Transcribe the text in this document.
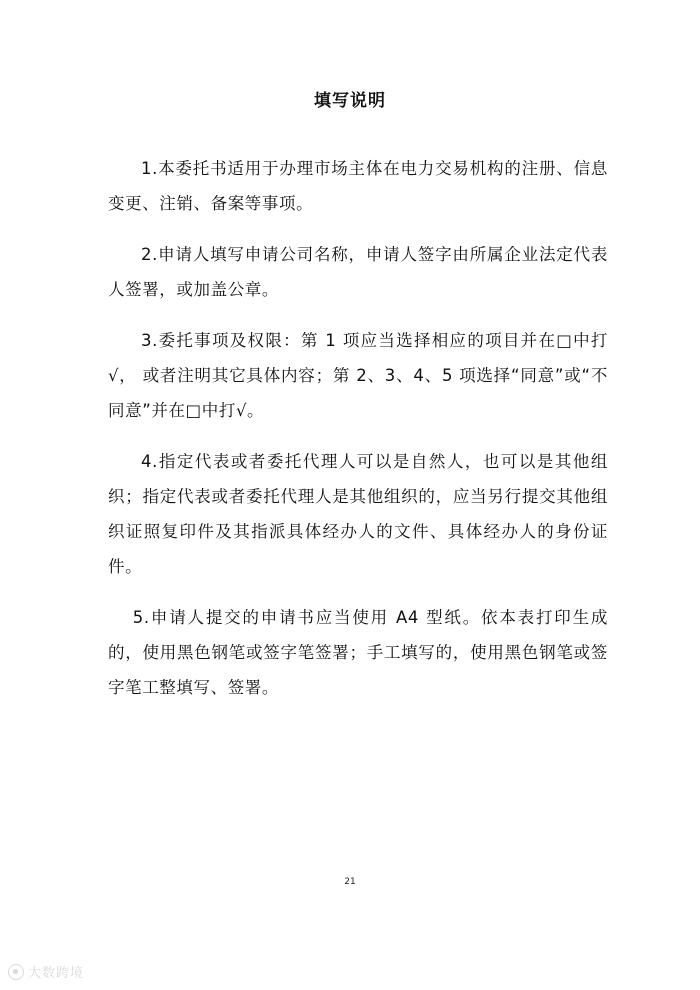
填写说明

1.本委托书适用于办理市场主体在电力交易机构的注册、信息变更、注销、备案等事项。

2.申请人填写申请公司名称，申请人签字由所属企业法定代表人签署，或加盖公章。

3.委托事项及权限：第 1 项应当选择相应的项目并在□中打√， 或者注明其它具体内容；第 2、3、4、5 项选择“同意”或“不同意”并在□中打√。

4.指定代表或者委托代理人可以是自然人，也可以是其他组织；指定代表或者委托代理人是其他组织的，应当另行提交其他组织证照复印件及其指派具体经办人的文件、具体经办人的身份证件。

5.申请人提交的申请书应当使用 A4 型纸。依本表打印生成的，使用黑色钢笔或签字笔签署；手工填写的，使用黑色钢笔或签字笔工整填写、签署。

21
大数跨境
